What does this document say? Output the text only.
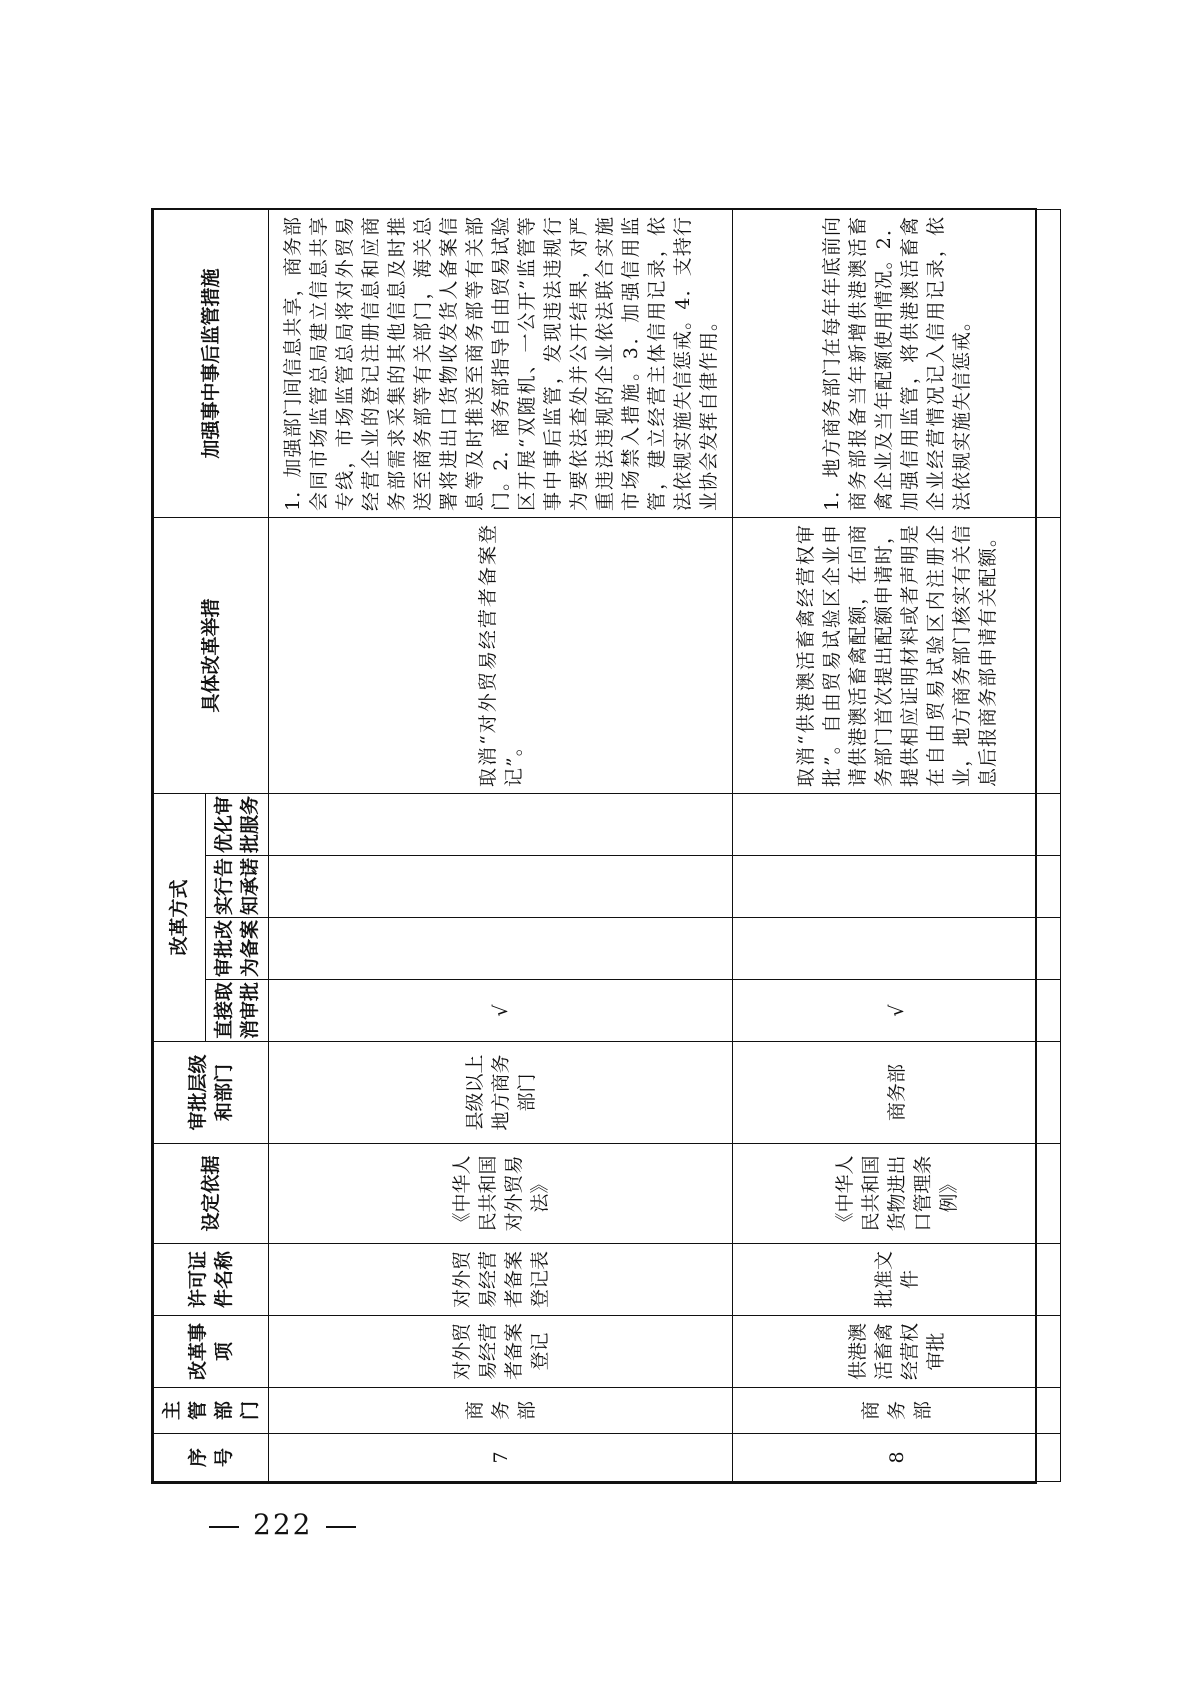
序号	主管部门	改革事项	许可证件名称	设定依据	审批层级和部门	改革方式				具体改革举措	加强事中事后监管措施
						直接取消审批	审批改为备案	实行告知承诺	优化审批服务		
7	商务部	对外贸易经营者备案登记	对外贸易经营者备案登记表	《中华人民共和国对外贸易法》	县级以上地方商务部门	√				取消“对外贸易经营者备案登记”。	1．加强部门间信息共享，商务部会同市场监管总局建立信息共享专线，市场监管总局将对外贸易经营企业的登记注册信息和应商务部需求采集的其他信息及时推送至商务部等有关部门，海关总署将进出口货物收发货人备案信息等及时推送至商务部等有关部门。2．商务部指导自由贸易试验区开展“双随机、一公开”监管等事中事后监管，发现违法违规行为要依法查处并公开结果，对严重违法违规的企业依法联合实施市场禁入措施。3．加强信用监管，建立经营主体信用记录，依法依规实施失信惩戒。4．支持行业协会发挥自律作用。
8	商务部	供港澳活畜禽经营权审批	批准文件	《中华人民共和国货物进出口管理条例》	商务部	√				取消“供港澳活畜禽经营权审批”。自由贸易试验区企业申请供港澳活畜禽配额，在向商务部门首次提出配额申请时，提供相应证明材料或者声明是在自由贸易试验区内注册企业，地方商务部门核实有关信息后报商务部申请有关配额。	1．地方商务部门在每年年底前向商务部报备当年新增供港澳活畜禽企业及当年配额使用情况。2．加强信用监管，将供港澳活畜禽企业经营情况记入信用记录，依法依规实施失信惩戒。
222
